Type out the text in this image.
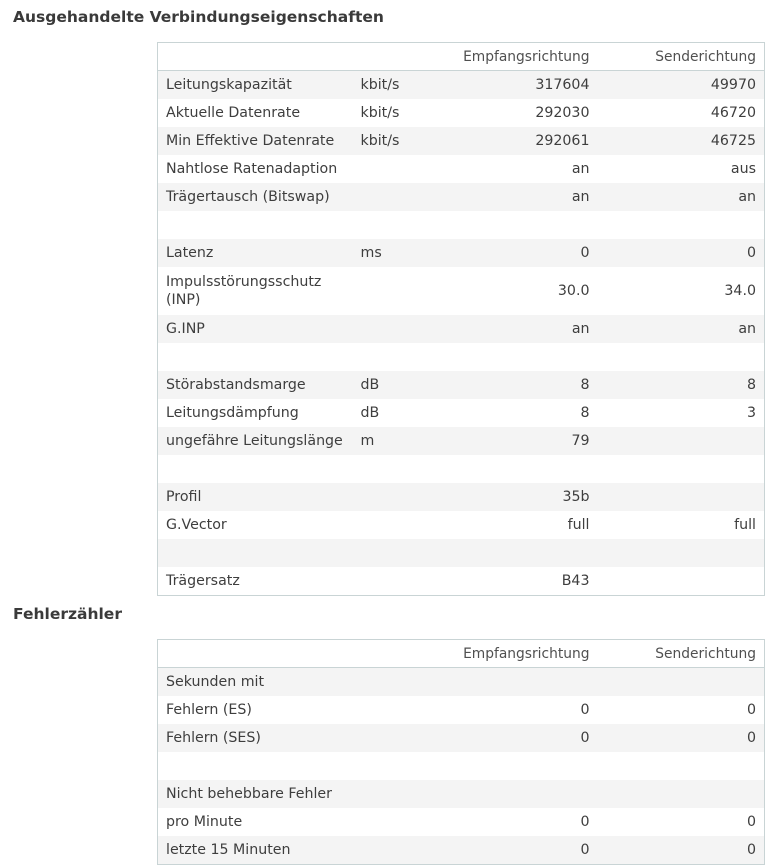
Ausgehandelte Verbindungseigenschaften
		Empfangsrichtung	Senderichtung
Leitungskapazität	kbit/s	317604	49970
Aktuelle Datenrate	kbit/s	292030	46720
Min Effektive Datenrate	kbit/s	292061	46725
Nahtlose Ratenadaption		an	aus
Trägertausch (Bitswap)		an	an

Latenz	ms	0	0
Impulsstörungsschutz (INP)		30.0	34.0
G.INP		an	an

Störabstandsmarge	dB	8	8
Leitungsdämpfung	dB	8	3
ungefähre Leitungslänge	m	79	

Profil		35b	
G.Vector		full	full

Trägersatz		B43	
Fehlerzähler
		Empfangsrichtung	Senderichtung
Sekunden mit			
Fehlern (ES)		0	0
Fehlern (SES)		0	0

Nicht behebbare Fehler			
pro Minute		0	0
letzte 15 Minuten		0	0
